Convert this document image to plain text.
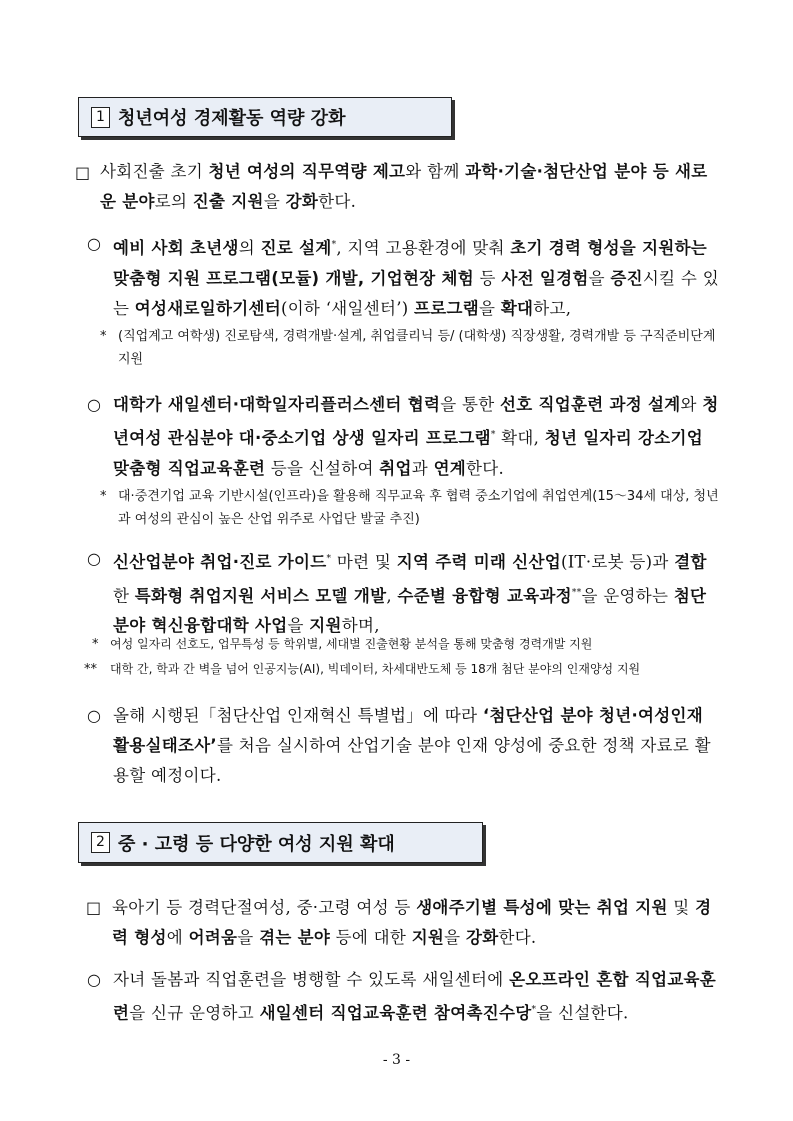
1 청년여성 경제활동 역량 강화
□ 사회진출 초기 청년 여성의 직무역량 제고와 함께 과학·기술·첨단산업 분야 등 새로운 분야로의 진출 지원을 강화한다.
○ 예비 사회 초년생의 진로 설계*, 지역 고용환경에 맞춰 초기 경력 형성을 지원하는 맞춤형 지원 프로그램(모듈) 개발, 기업현장 체험 등 사전 일경험을 증진시킬 수 있는 여성새로일하기센터(이하 ‘새일센터’) 프로그램을 확대하고,
* (직업계고 여학생) 진로탐색, 경력개발·설계, 취업클리닉 등/ (대학생) 직장생활, 경력개발 등 구직준비단계 지원
○ 대학가 새일센터·대학일자리플러스센터 협력을 통한 선호 직업훈련 과정 설계와 청년여성 관심분야 대·중소기업 상생 일자리 프로그램* 확대, 청년 일자리 강소기업 맞춤형 직업교육훈련 등을 신설하여 취업과 연계한다.
* 대·중견기업 교육 기반시설(인프라)을 활용해 직무교육 후 협력 중소기업에 취업연계(15～34세 대상, 청년과 여성의 관심이 높은 산업 위주로 사업단 발굴 추진)
○ 신산업분야 취업·진로 가이드* 마련 및 지역 주력 미래 신산업(IT·로봇 등)과 결합한 특화형 취업지원 서비스 모델 개발, 수준별 융합형 교육과정**을 운영하는 첨단 분야 혁신융합대학 사업을 지원하며,
* 여성 일자리 선호도, 업무특성 등 학위별, 세대별 진출현황 분석을 통해 맞춤형 경력개발 지원
** 대학 간, 학과 간 벽을 넘어 인공지능(AI), 빅데이터, 차세대반도체 등 18개 첨단 분야의 인재양성 지원
○ 올해 시행된「첨단산업 인재혁신 특별법」에 따라 ‘첨단산업 분야 청년·여성인재 활용실태조사’를 처음 실시하여 산업기술 분야 인재 양성에 중요한 정책 자료로 활용할 예정이다.
2 중 · 고령 등 다양한 여성 지원 확대
□ 육아기 등 경력단절여성, 중·고령 여성 등 생애주기별 특성에 맞는 취업 지원 및 경력 형성에 어려움을 겪는 분야 등에 대한 지원을 강화한다.
○ 자녀 돌봄과 직업훈련을 병행할 수 있도록 새일센터에 온오프라인 혼합 직업교육훈련을 신규 운영하고 새일센터 직업교육훈련 참여촉진수당*을 신설한다.
- 3 -
